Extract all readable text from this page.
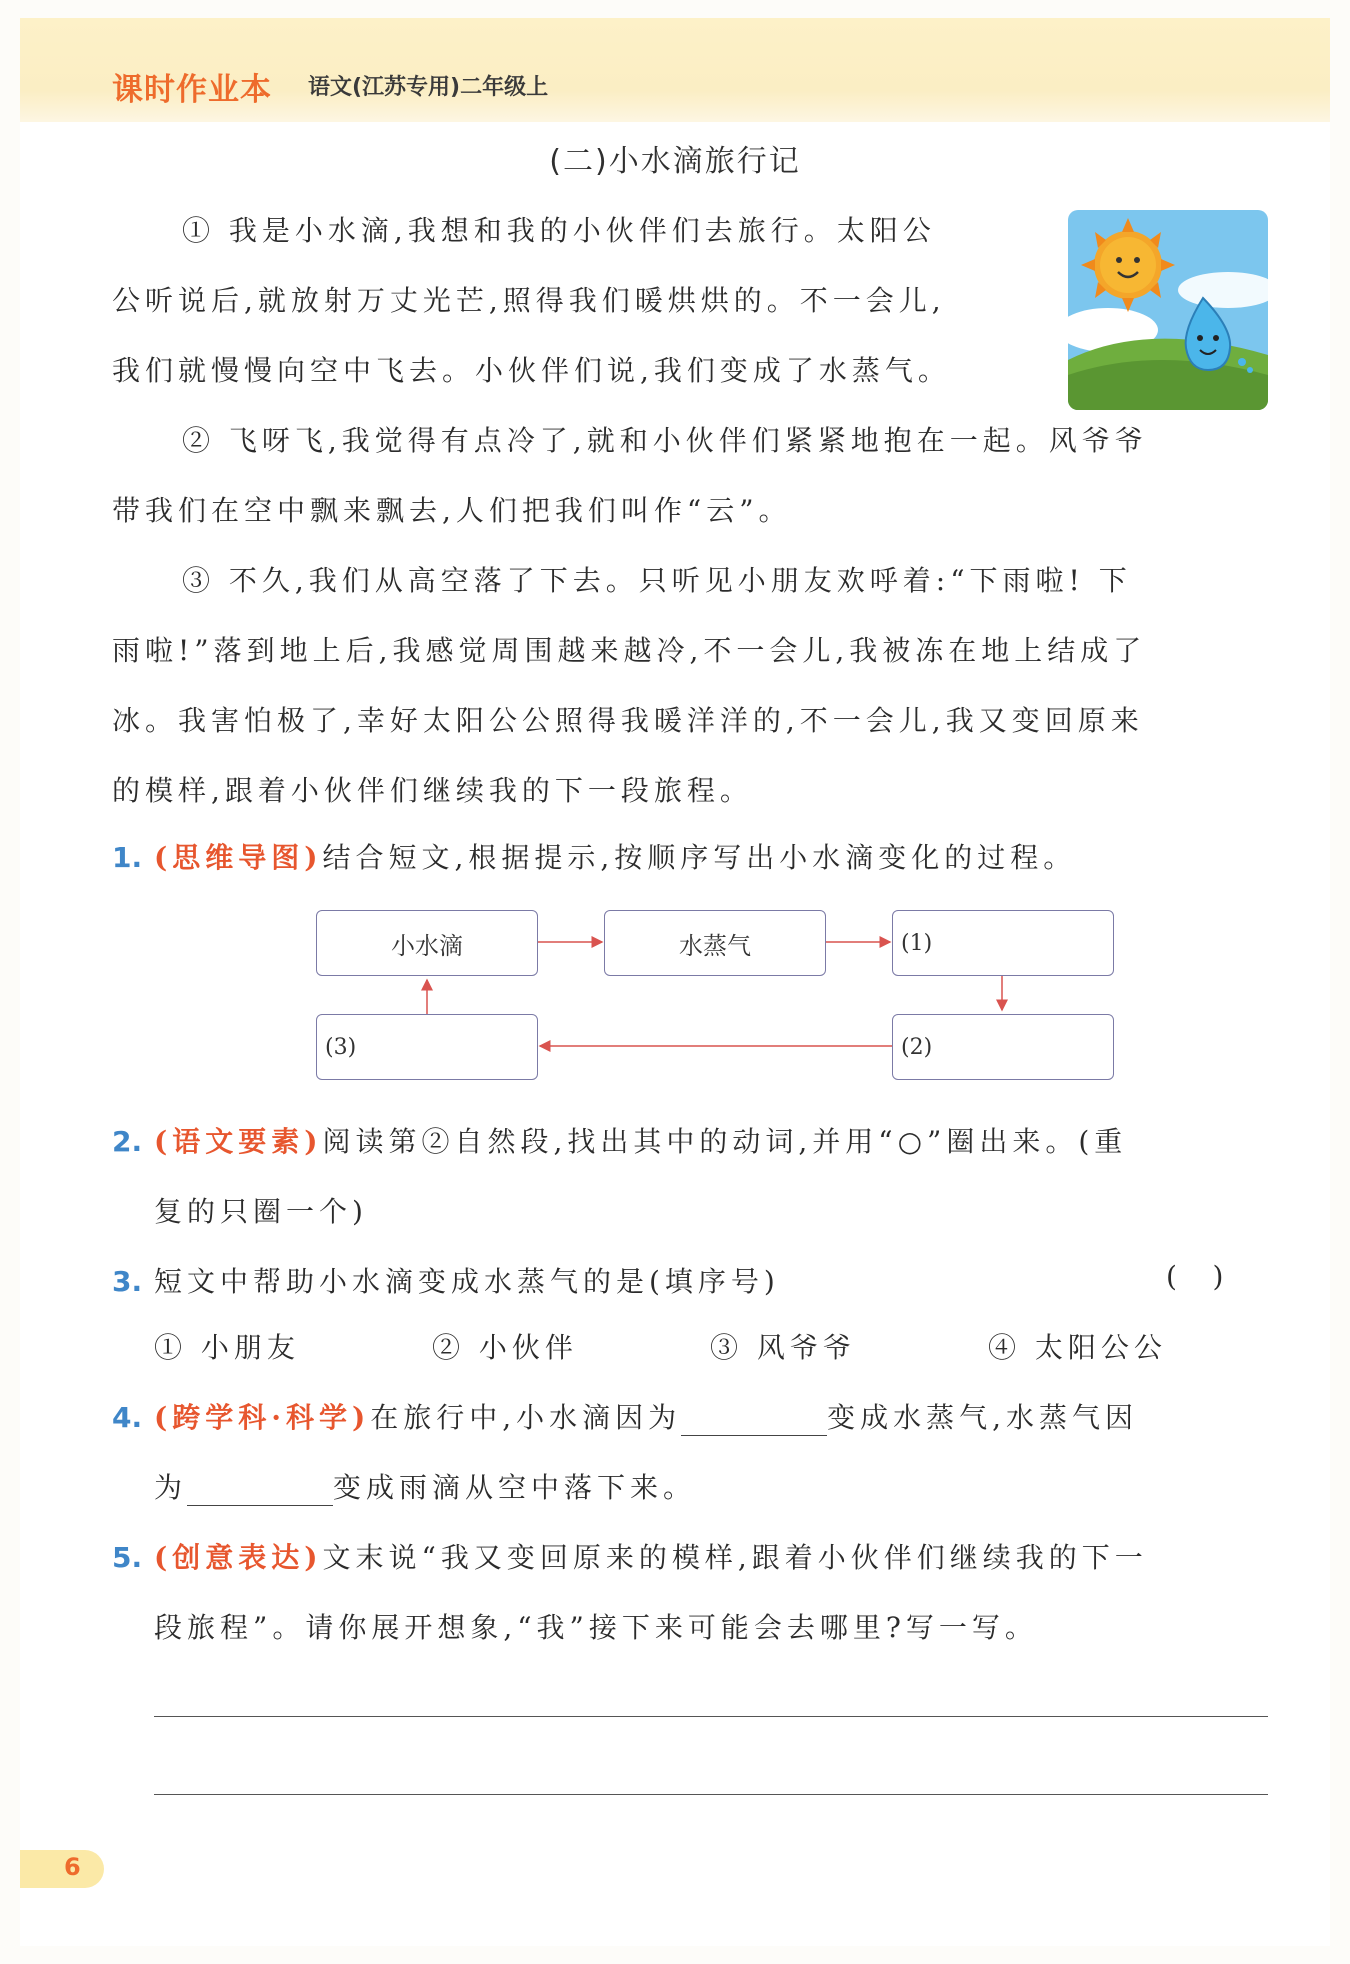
课时作业本 语文(江苏专用)二年级上
(二)小水滴旅行记
① 我是小水滴,我想和我的小伙伴们去旅行。太阳公
公听说后,就放射万丈光芒,照得我们暖烘烘的。不一会儿,
我们就慢慢向空中飞去。小伙伴们说,我们变成了水蒸气。
② 飞呀飞,我觉得有点冷了,就和小伙伴们紧紧地抱在一起。风爷爷
带我们在空中飘来飘去,人们把我们叫作“云”。
③ 不久,我们从高空落了下去。只听见小朋友欢呼着:“下雨啦! 下
雨啦!”落到地上后,我感觉周围越来越冷,不一会儿,我被冻在地上结成了
冰。我害怕极了,幸好太阳公公照得我暖洋洋的,不一会儿,我又变回原来
的模样,跟着小伙伴们继续我的下一段旅程。
1. (思维导图)结合短文,根据提示,按顺序写出小水滴变化的过程。
小水滴	水蒸气	(1)
(2)
(3)
2. (语文要素)阅读第②自然段,找出其中的动词,并用“○”圈出来。(重
复的只圈一个)
3. 短文中帮助小水滴变成水蒸气的是(填序号)	(    )
① 小朋友	② 小伙伴	③ 风爷爷	④ 太阳公公
4. (跨学科·科学)在旅行中,小水滴因为	变成水蒸气,水蒸气因
为	变成雨滴从空中落下来。
5. (创意表达)文末说“我又变回原来的模样,跟着小伙伴们继续我的下一
段旅程”。请你展开想象,“我”接下来可能会去哪里?写一写。
6
